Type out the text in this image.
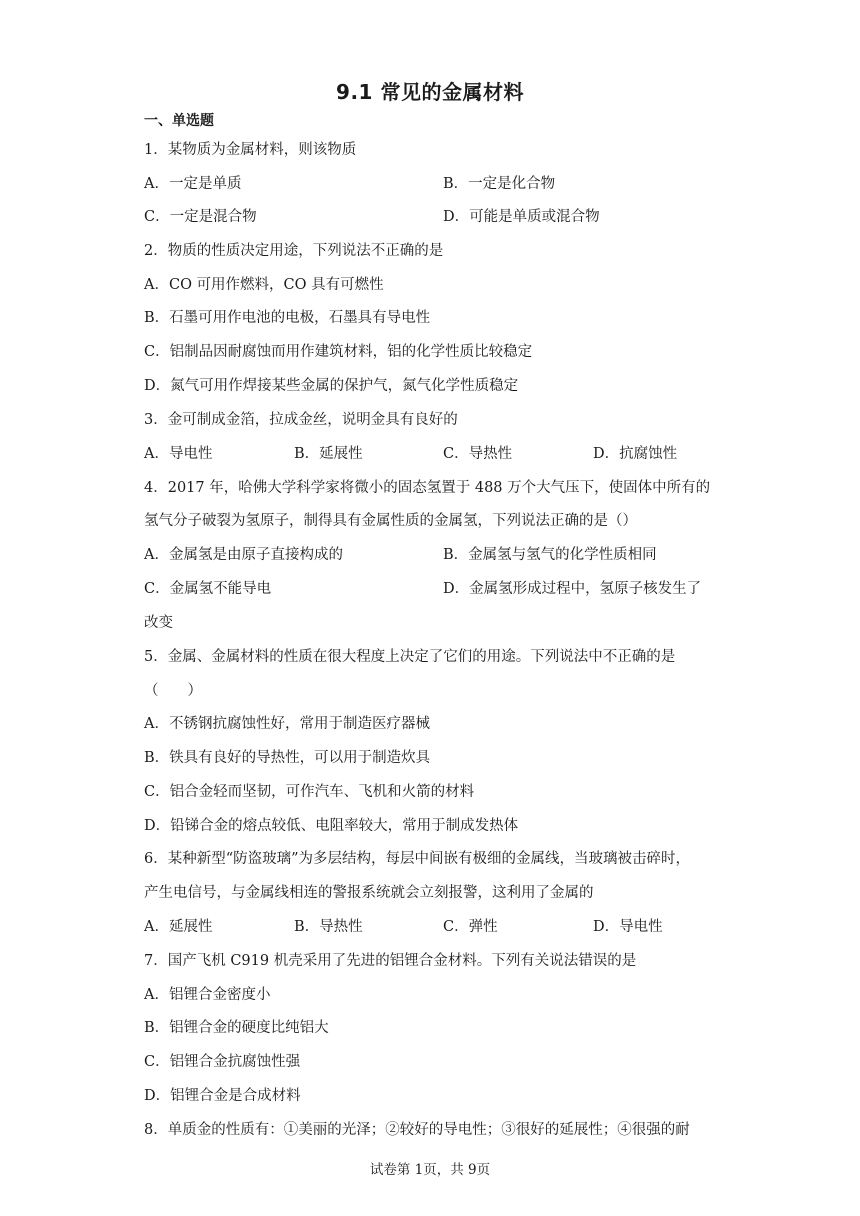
9.1 常见的金属材料
一、单选题
1．某物质为金属材料，则该物质
A．一定是单质	B．一定是化合物
C．一定是混合物	D．可能是单质或混合物
2．物质的性质决定用途，下列说法不正确的是
A．CO 可用作燃料，CO 具有可燃性
B．石墨可用作电池的电极，石墨具有导电性
C．铝制品因耐腐蚀而用作建筑材料，铝的化学性质比较稳定
D．氮气可用作焊接某些金属的保护气，氮气化学性质稳定
3．金可制成金箔，拉成金丝，说明金具有良好的
A．导电性	B．延展性	C．导热性	D．抗腐蚀性
4．2017 年，哈佛大学科学家将微小的固态氢置于 488 万个大气压下，使固体中所有的
氢气分子破裂为氢原子，制得具有金属性质的金属氢，下列说法正确的是（）
A．金属氢是由原子直接构成的	B．金属氢与氢气的化学性质相同
C．金属氢不能导电	D．金属氢形成过程中，氢原子核发生了
改变
5．金属、金属材料的性质在很大程度上决定了它们的用途。下列说法中不正确的是
（　　）
A．不锈钢抗腐蚀性好，常用于制造医疗器械
B．铁具有良好的导热性，可以用于制造炊具
C．铝合金轻而坚韧，可作汽车、飞机和火箭的材料
D．铅锑合金的熔点较低、电阻率较大，常用于制成发热体
6．某种新型“防盗玻璃”为多层结构，每层中间嵌有极细的金属线，当玻璃被击碎时，
产生电信号，与金属线相连的警报系统就会立刻报警，这利用了金属的
A．延展性	B．导热性	C．弹性	D．导电性
7．国产飞机 C919 机壳采用了先进的铝锂合金材料。下列有关说法错误的是
A．铝锂合金密度小
B．铝锂合金的硬度比纯铝大
C．铝锂合金抗腐蚀性强
D．铝锂合金是合成材料
8．单质金的性质有：①美丽的光泽；②较好的导电性；③很好的延展性；④很强的耐
试卷第 1页，共 9页
